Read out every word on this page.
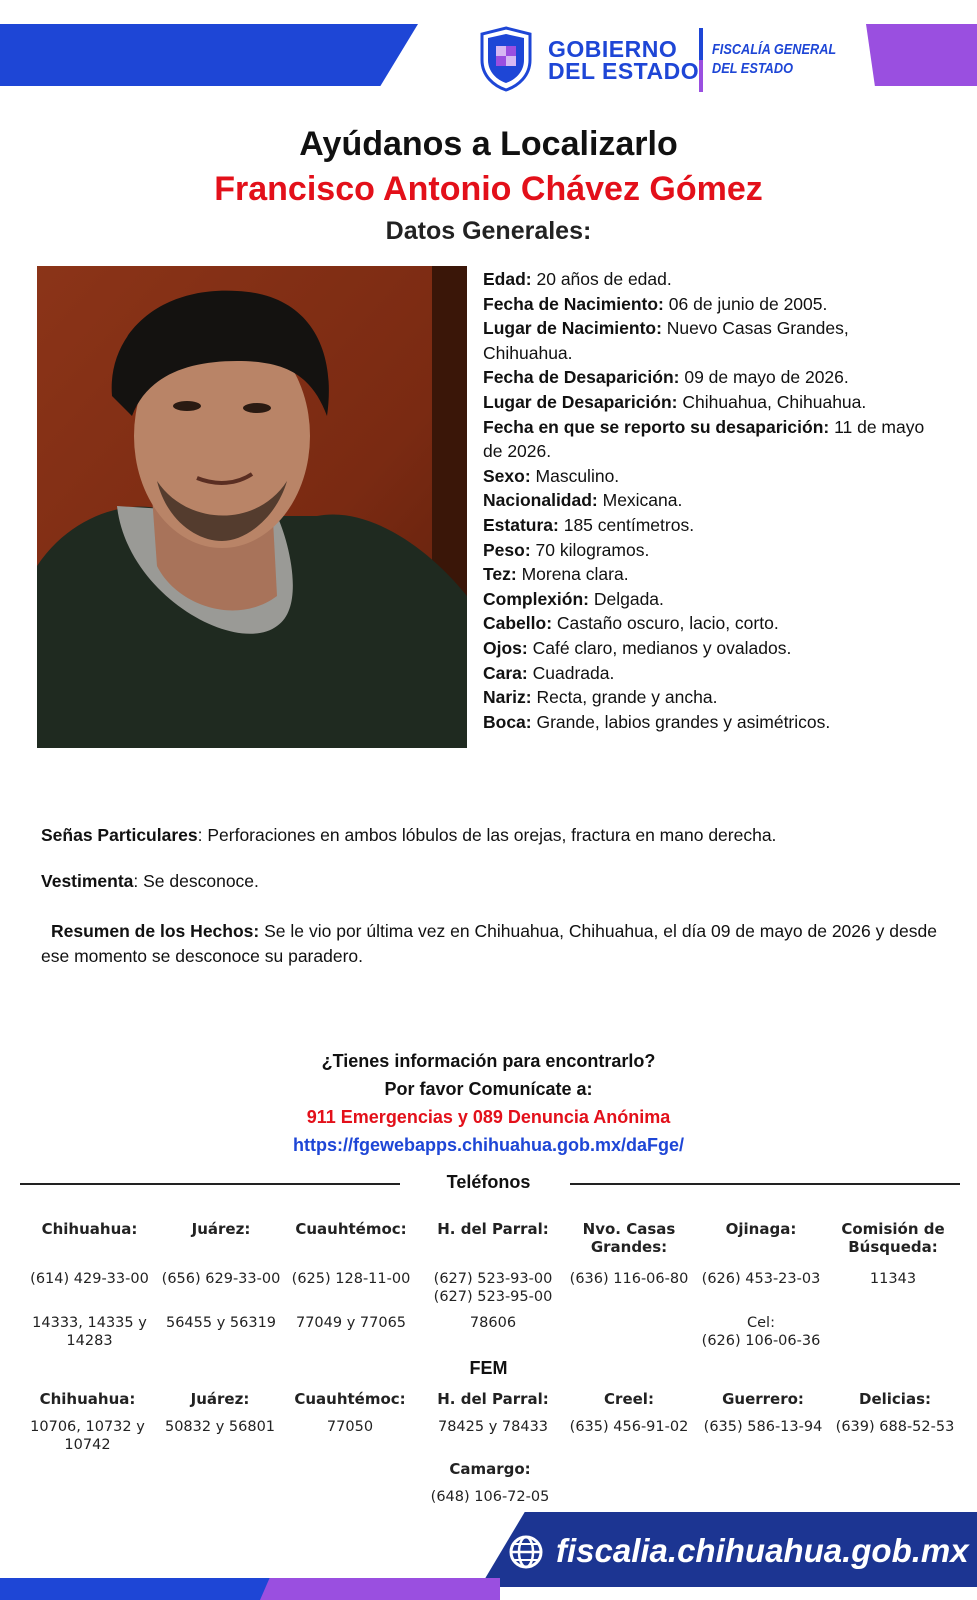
GOBIERNO
DEL ESTADO
FISCALÍA GENERAL
DEL ESTADO
Ayúdanos a Localizarlo
Francisco Antonio Chávez Gómez
Datos Generales:

Edad: 20 años de edad.

Fecha de Nacimiento: 06 de junio de 2005.

Lugar de Nacimiento: Nuevo Casas Grandes, Chihuahua.

Fecha de Desaparición: 09 de mayo de 2026.

Lugar de Desaparición: Chihuahua, Chihuahua.

Fecha en que se reporto su desaparición: 11 de mayo de 2026.

Sexo: Masculino.

Nacionalidad: Mexicana.

Estatura: 185 centímetros.

Peso: 70 kilogramos.

Tez: Morena clara.

Complexión: Delgada.

Cabello: Castaño oscuro, lacio, corto.

Ojos: Café claro, medianos y ovalados.

Cara: Cuadrada.

Nariz: Recta, grande y ancha.

Boca: Grande, labios grandes y asimétricos.

Señas Particulares: Perforaciones en ambos lóbulos de las orejas, fractura en mano derecha.
Vestimenta: Se desconoce.
Resumen de los Hechos: Se le vio por última vez en Chihuahua, Chihuahua, el día 09 de mayo de 2026 y desde ese momento se desconoce su paradero.
¿Tienes información para encontrarlo?
Por favor Comunícate a:
911 Emergencias y 089 Denuncia Anónima
https://fgewebapps.chihuahua.gob.mx/daFge/
Teléfonos
Chihuahua:
(614) 429-33-00
14333, 14335 y 14283
Juárez:
(656) 629-33-00
56455 y 56319
Cuauhtémoc:
(625) 128-11-00
77049 y 77065
H. del Parral:
(627) 523-93-00
(627) 523-95-00
78606
Nvo. Casas Grandes:
(636) 116-06-80
Ojinaga:
(626) 453-23-03
Cel:
(626) 106-06-36
Comisión de Búsqueda:
11343
FEM
Chihuahua:
10706, 10732 y 10742
Juárez:
50832 y 56801
Cuauhtémoc:
77050
H. del Parral:
78425 y 78433
Creel:
(635) 456-91-02
Guerrero:
(635) 586-13-94
Delicias:
(639) 688-52-53
Camargo:
(648) 106-72-05
fiscalia.chihuahua.gob.mx
